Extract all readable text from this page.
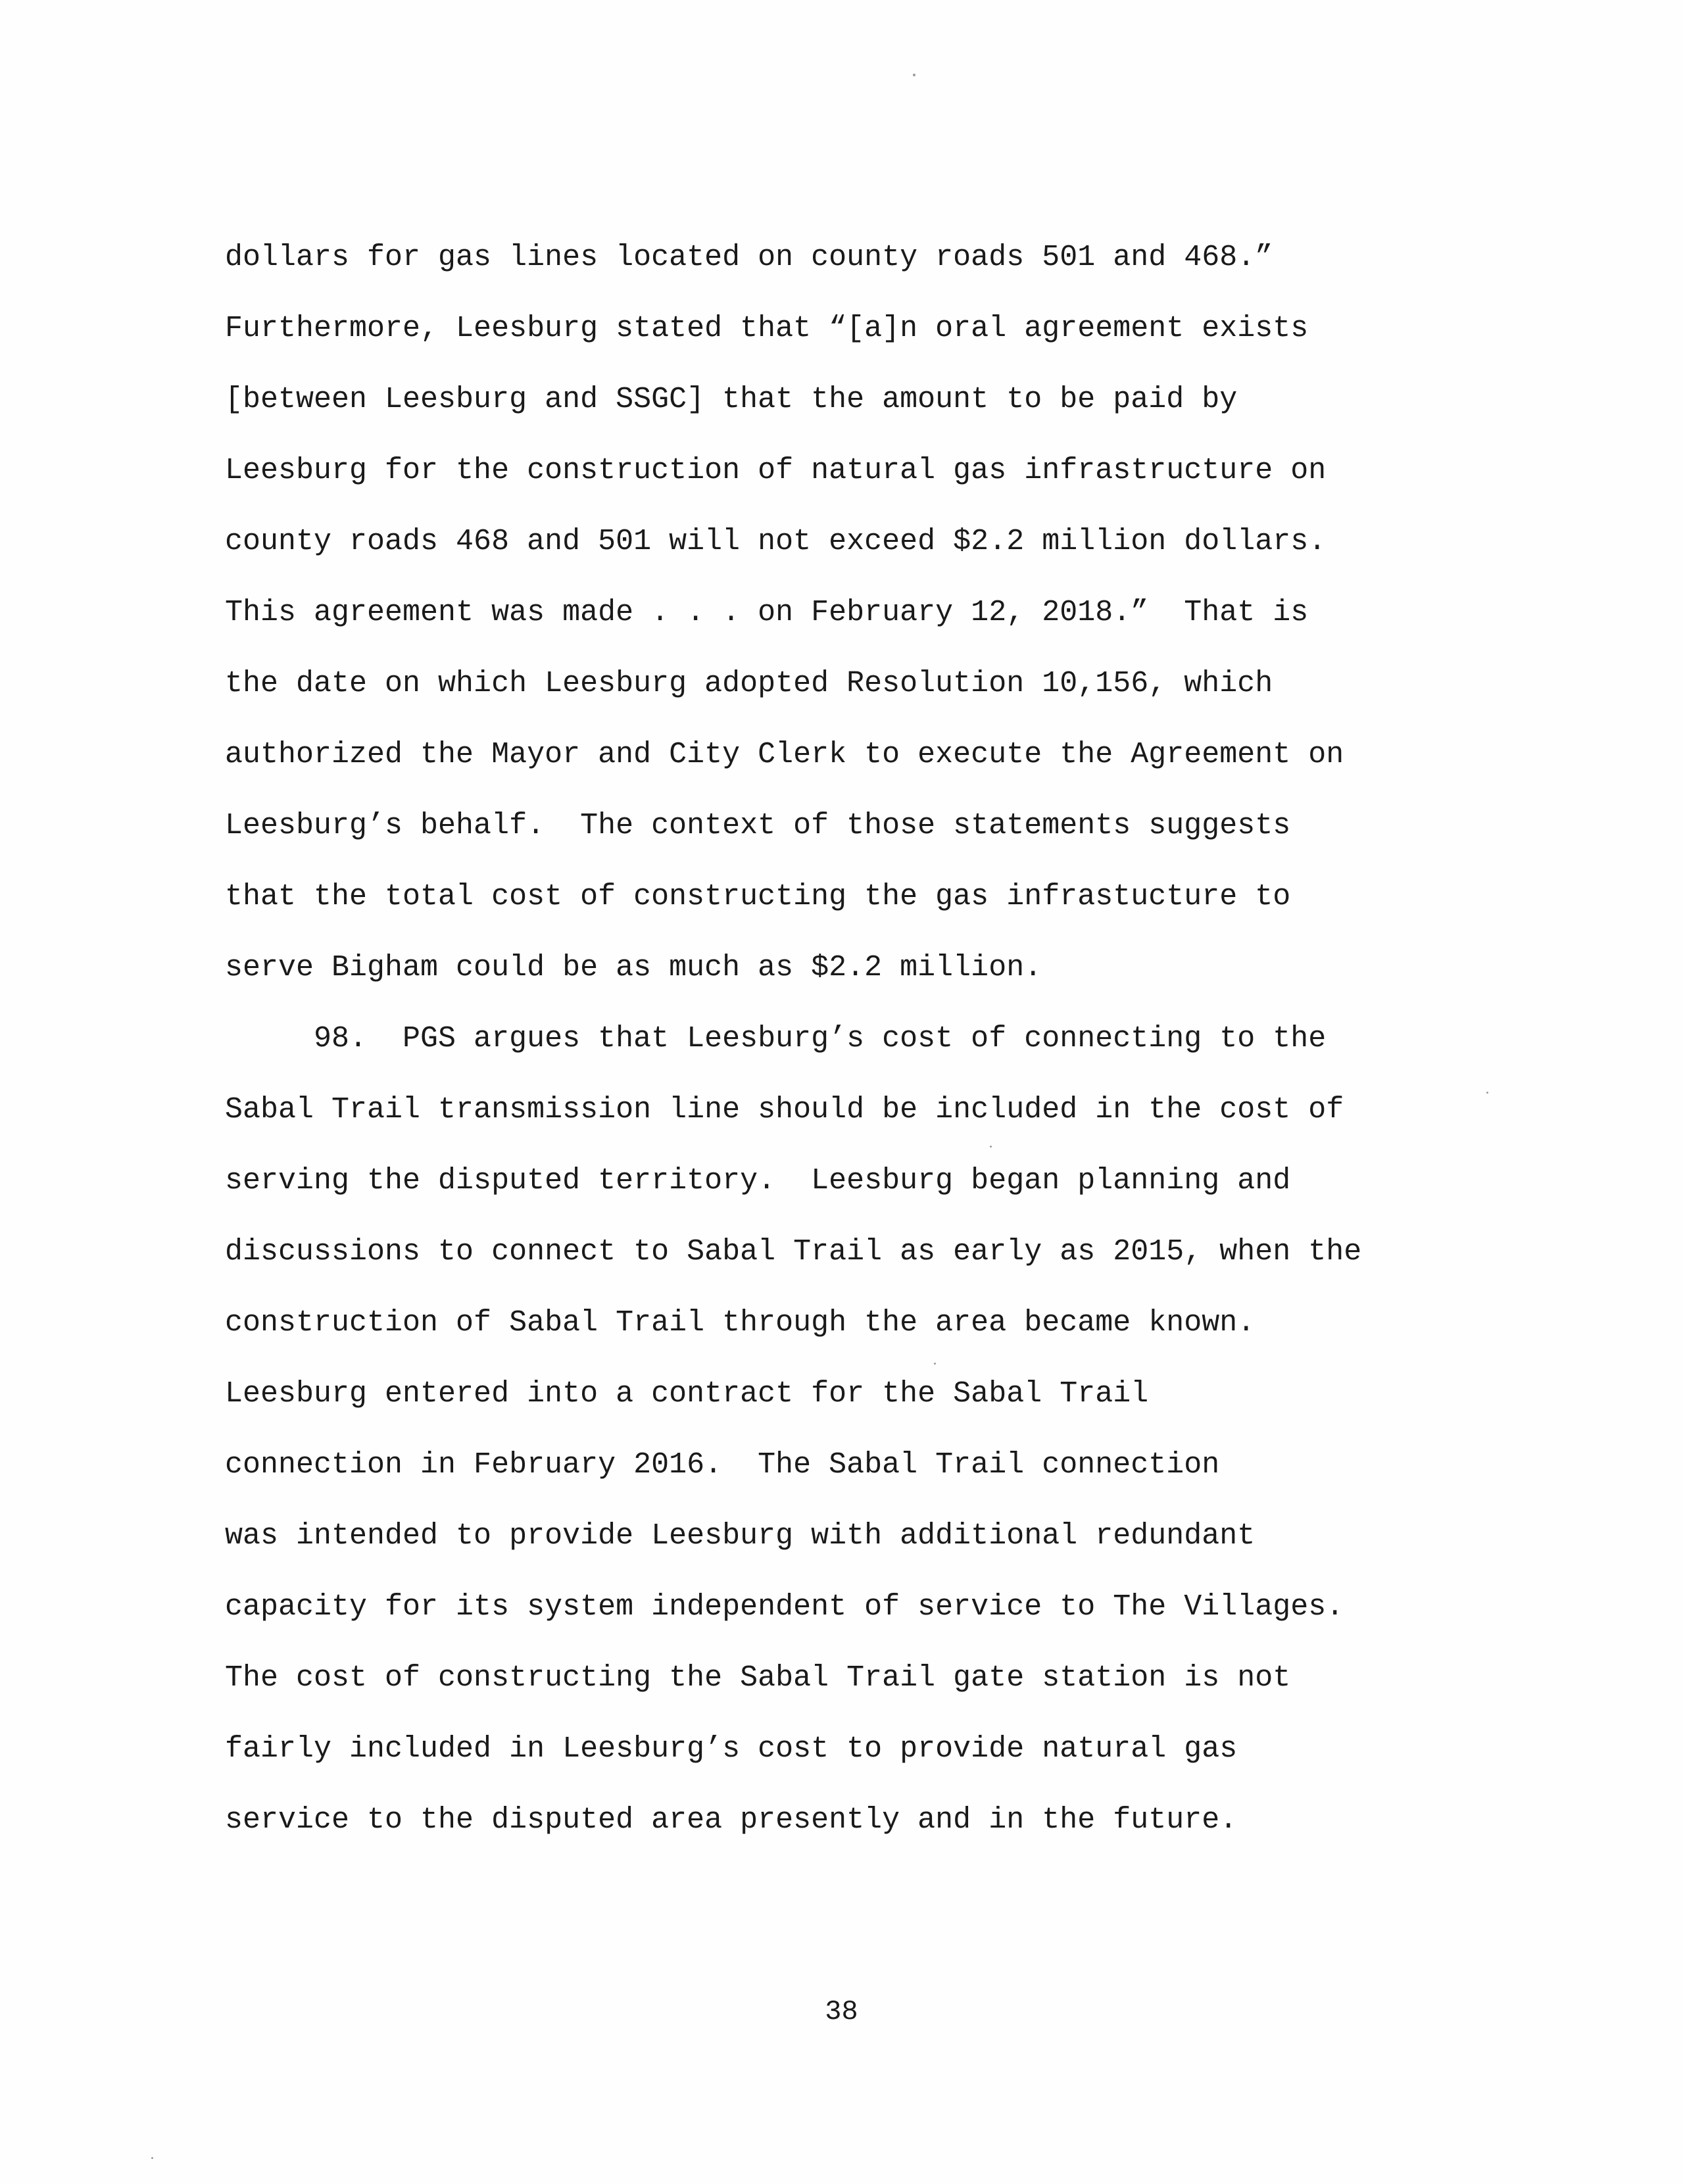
dollars for gas lines located on county roads 501 and 468.”
Furthermore, Leesburg stated that “[a]n oral agreement exists
[between Leesburg and SSGC] that the amount to be paid by
Leesburg for the construction of natural gas infrastructure on
county roads 468 and 501 will not exceed $2.2 million dollars.
This agreement was made . . . on February 12, 2018.”  That is
the date on which Leesburg adopted Resolution 10,156, which
authorized the Mayor and City Clerk to execute the Agreement on
Leesburg’s behalf.  The context of those statements suggests
that the total cost of constructing the gas infrastucture to
serve Bigham could be as much as $2.2 million.
98.  PGS argues that Leesburg’s cost of connecting to the
Sabal Trail transmission line should be included in the cost of
serving the disputed territory.  Leesburg began planning and
discussions to connect to Sabal Trail as early as 2015, when the
construction of Sabal Trail through the area became known.
Leesburg entered into a contract for the Sabal Trail
connection in February 2016.  The Sabal Trail connection
was intended to provide Leesburg with additional redundant
capacity for its system independent of service to The Villages.
The cost of constructing the Sabal Trail gate station is not
fairly included in Leesburg’s cost to provide natural gas
service to the disputed area presently and in the future.
38
